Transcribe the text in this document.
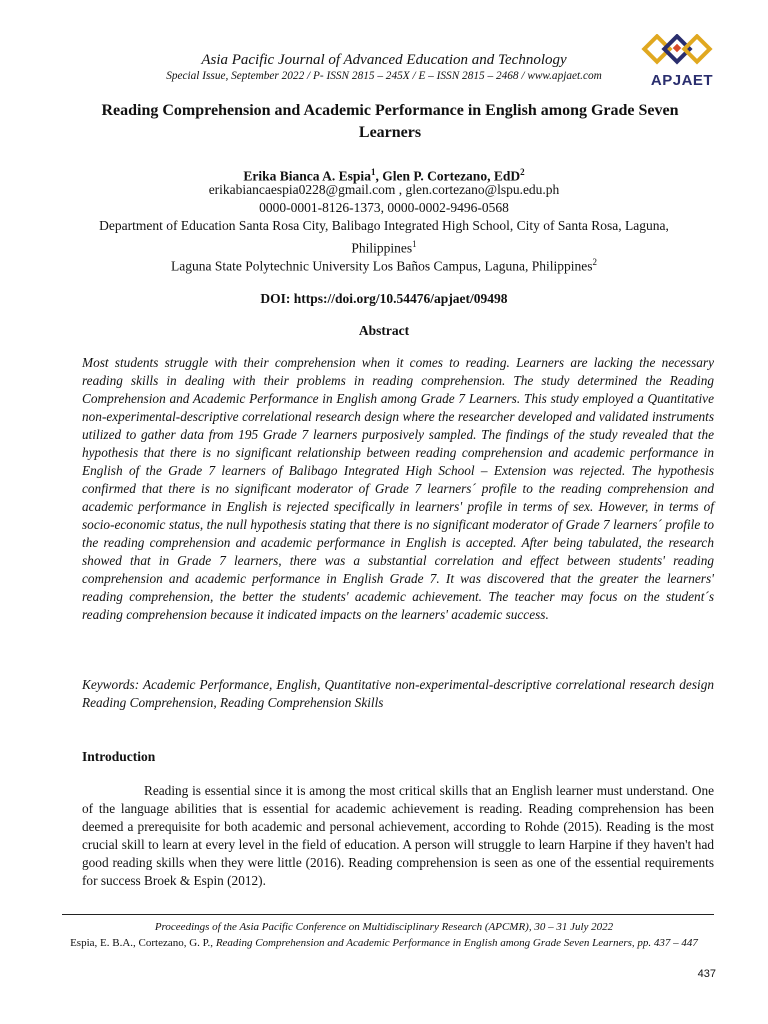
Asia Pacific Journal of Advanced Education and Technology
Special Issue, September 2022 / P- ISSN 2815 – 245X / E – ISSN 2815 – 2468 / www.apjaet.com	APJAET
Reading Comprehension and Academic Performance in English among Grade Seven Learners
Erika Bianca A. Espia$^1$, Glen P. Cortezano, EdD$^2$
erikabiancaespia0228@gmail.com , glen.cortezano@lspu.edu.ph
0000-0001-8126-1373, 0000-0002-9496-0568
Department of Education Santa Rosa City, Balibago Integrated High School, City of Santa Rosa, Laguna, Philippines$^1$
Laguna State Polytechnic University Los Baños Campus, Laguna, Philippines$^2$
DOI: https://doi.org/10.54476/apjaet/09498
Abstract
Most students struggle with their comprehension when it comes to reading. Learners are lacking the necessary reading skills in dealing with their problems in reading comprehension. The study determined the Reading Comprehension and Academic Performance in English among Grade 7 Learners. This study employed a Quantitative non-experimental-descriptive correlational research design where the researcher developed and validated instruments utilized to gather data from 195 Grade 7 learners purposively sampled. The findings of the study revealed that the hypothesis that there is no significant relationship between reading comprehension and academic performance in English of the Grade 7 learners of Balibago Integrated High School – Extension was rejected. The hypothesis confirmed that there is no significant moderator of Grade 7 learners´ profile to the reading comprehension and academic performance in English is rejected specifically in learners' profile in terms of sex. However, in terms of socio-economic status, the null hypothesis stating that there is no significant moderator of Grade 7 learners´ profile to the reading comprehension and academic performance in English is accepted. After being tabulated, the research showed that in Grade 7 learners, there was a substantial correlation and effect between students' reading comprehension and academic performance in English Grade 7. It was discovered that the greater the learners' reading comprehension, the better the students' academic achievement. The teacher may focus on the student´s reading comprehension because it indicated impacts on the learners' academic success.
Keywords: Academic Performance, English, Quantitative non-experimental-descriptive correlational research design Reading Comprehension, Reading Comprehension Skills
Introduction
Reading is essential since it is among the most critical skills that an English learner must understand. One of the language abilities that is essential for academic achievement is reading. Reading comprehension has been deemed a prerequisite for both academic and personal achievement, according to Rohde (2015). Reading is the most crucial skill to learn at every level in the field of education. A person will struggle to learn Harpine if they haven't had good reading skills when they were little (2016). Reading comprehension is seen as one of the essential requirements for success Broek & Espin (2012).
Proceedings of the Asia Pacific Conference on Multidisciplinary Research (APCMR), 30 – 31 July 2022
Espia, E. B.A., Cortezano, G. P., Reading Comprehension and Academic Performance in English among Grade Seven Learners, pp. 437 – 447
437
